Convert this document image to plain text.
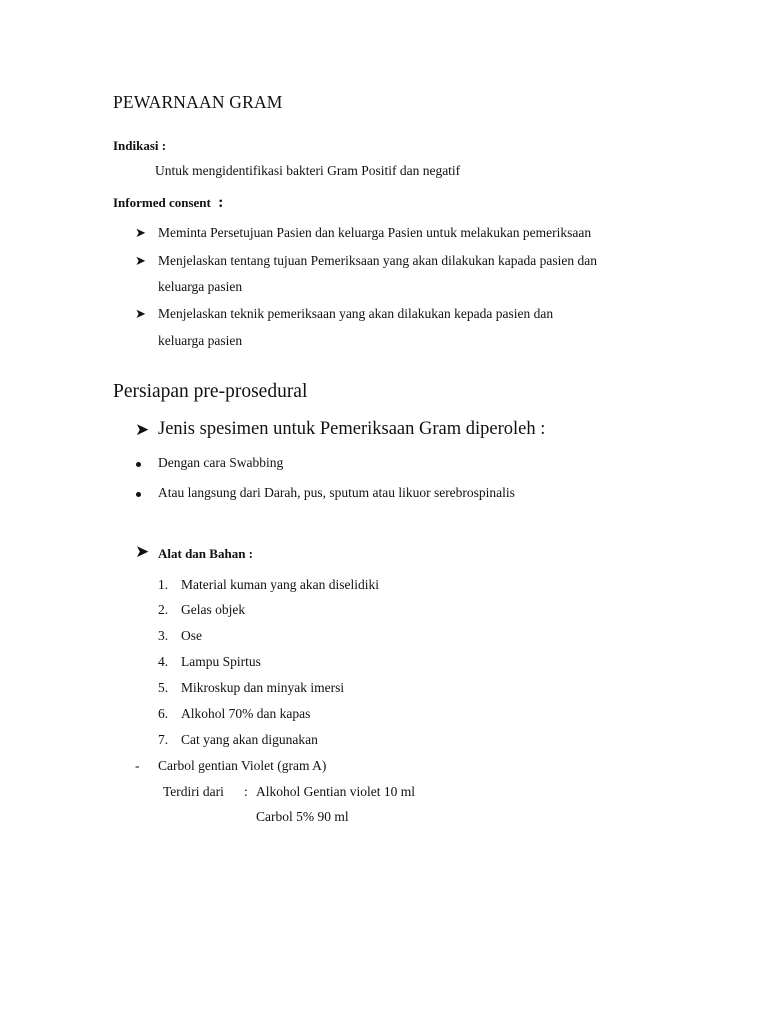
PEWARNAAN GRAM
Indikasi :
Untuk mengidentifikasi bakteri Gram Positif dan negatif
Informed consent :
➤ Meminta Persetujuan Pasien dan keluarga Pasien untuk melakukan pemeriksaan
➤ Menjelaskan tentang tujuan Pemeriksaan yang akan dilakukan kapada pasien dan
keluarga pasien
➤ Menjelaskan teknik pemeriksaan yang akan dilakukan kepada pasien dan
keluarga pasien
Persiapan pre-prosedural
➤ Jenis spesimen untuk Pemeriksaan Gram diperoleh :
Dengan cara Swabbing
Atau langsung dari Darah, pus, sputum atau likuor serebrospinalis
➤ Alat dan Bahan :
1. Material kuman yang akan diselidiki
2. Gelas objek
3. Ose
4. Lampu Spirtus
5. Mikroskup dan minyak imersi
6. Alkohol 70% dan kapas
7. Cat yang akan digunakan
- Carbol gentian Violet (gram A)
Terdiri dari : Alkohol Gentian violet 10 ml
Carbol 5% 90 ml
